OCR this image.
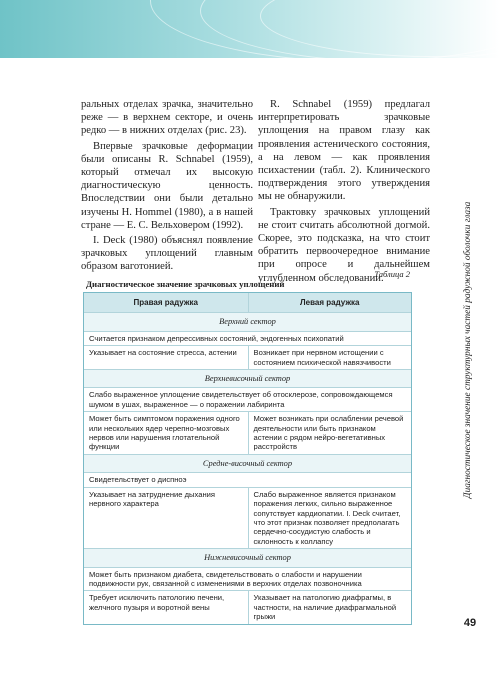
ральных отделах зрачка, значительно реже — в верхнем секторе, и очень редко — в нижних отделах (рис. 23).

Впервые зрачковые деформации были описаны R. Schnabel (1959), который отмечал их высокую диагностическую ценность. Впоследствии они были детально изучены H. Hommel (1980), а в нашей стране — Е. С. Вельховером (1992).

I. Deck (1980) объяснял появление зрачковых уплощений главным образом ваготонией.

R. Schnabel (1959) предлагал интерпретировать зрачковые уплощения на правом глазу как проявления астенического состояния, а на левом — как проявления психастении (табл. 2). Клинического подтверждения этого утверждения мы не обнаружили.

Трактовку зрачковых уплощений не стоит считать абсолютной догмой. Скорее, это подсказка, на что стоит обратить первоочередное внимание при опросе и дальнейшем углубленном обследовании.

Таблица 2
Диагностическое значение зрачковых уплощений
Правая радужка	Левая радужка
Верхний сектор
Считается признаком депрессивных состояний, эндогенных психопатий
Указывает на состояние стресса, астении	Возникает при нервном истощении с состоянием психической навязчивости
Верхневисочный сектор
Слабо выраженное уплощение свидетельствует об отосклерозе, сопровождающемся шумом в ушах, выраженное — о поражении лабиринта
Может быть симптомом поражения одного или нескольких ядер черепно-мозговых нервов или нарушения глотательной функции
Может возникать при ослаблении речевой деятельности или быть признаком астении с рядом нейро-вегетативных расстройств
Средне-височный сектор
Свидетельствует о диспноэ
Указывает на затруднение дыхания нервного характера
Слабо выраженное является признаком поражения легких, сильно выраженное сопутствует кардиопатии. I. Deck считает, что этот признак позволяет предполагать сердечно-сосудистую слабость и склонность к коллапсу
Нижневисочный сектор
Может быть признаком диабета, свидетельствовать о слабости и нарушении подвижности рук, связанной с изменениями в верхних отделах позвоночника
Требует исключить патологию печени, желчного пузыря и воротной вены
Указывает на патологию диафрагмы, в частности, на наличие диафрагмальной грыжи
Диагностическое значение структурных частей радужной оболочки глаза
49
